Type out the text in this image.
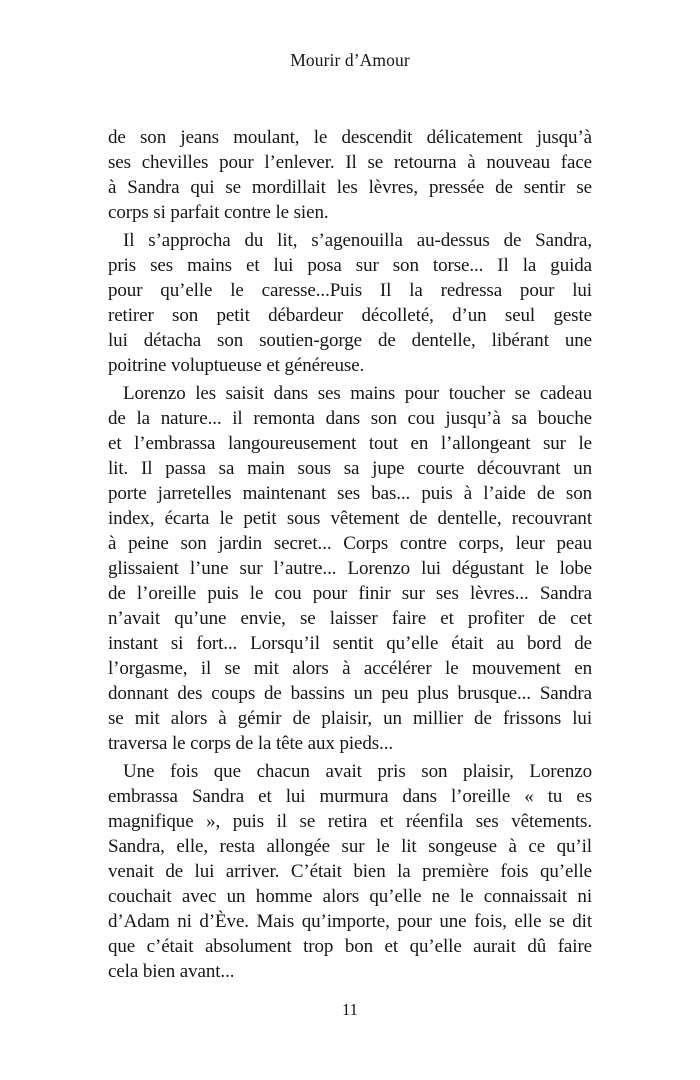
Mourir d’Amour
de son jeans moulant, le descendit délicatement jusqu’à
ses chevilles pour l’enlever. Il se retourna à nouveau face
à Sandra qui se mordillait les lèvres, pressée de sentir se
corps si parfait contre le sien.
Il s’approcha du lit, s’agenouilla au-dessus de Sandra,
pris ses mains et lui posa sur son torse... Il la guida
pour qu’elle le caresse...Puis Il la redressa pour lui
retirer son petit débardeur décolleté, d’un seul geste
lui détacha son soutien-gorge de dentelle, libérant une
poitrine voluptueuse et généreuse.
Lorenzo les saisit dans ses mains pour toucher se cadeau
de la nature... il remonta dans son cou jusqu’à sa bouche
et l’embrassa langoureusement tout en l’allongeant sur le
lit. Il passa sa main sous sa jupe courte découvrant un
porte jarretelles maintenant ses bas... puis à l’aide de son
index, écarta le petit sous vêtement de dentelle, recouvrant
à peine son jardin secret... Corps contre corps, leur peau
glissaient l’une sur l’autre... Lorenzo lui dégustant le lobe
de l’oreille puis le cou pour finir sur ses lèvres... Sandra
n’avait qu’une envie, se laisser faire et profiter de cet
instant si fort... Lorsqu’il sentit qu’elle était au bord de
l’orgasme, il se mit alors à accélérer le mouvement en
donnant des coups de bassins un peu plus brusque... Sandra
se mit alors à gémir de plaisir, un millier de frissons lui
traversa le corps de la tête aux pieds...
Une fois que chacun avait pris son plaisir, Lorenzo
embrassa Sandra et lui murmura dans l’oreille « tu es
magnifique », puis il se retira et réenfila ses vêtements.
Sandra, elle, resta allongée sur le lit songeuse à ce qu’il
venait de lui arriver. C’était bien la première fois qu’elle
couchait avec un homme alors qu’elle ne le connaissait ni
d’Adam ni d’Ève. Mais qu’importe, pour une fois, elle se dit
que c’était absolument trop bon et qu’elle aurait dû faire
cela bien avant...
11
